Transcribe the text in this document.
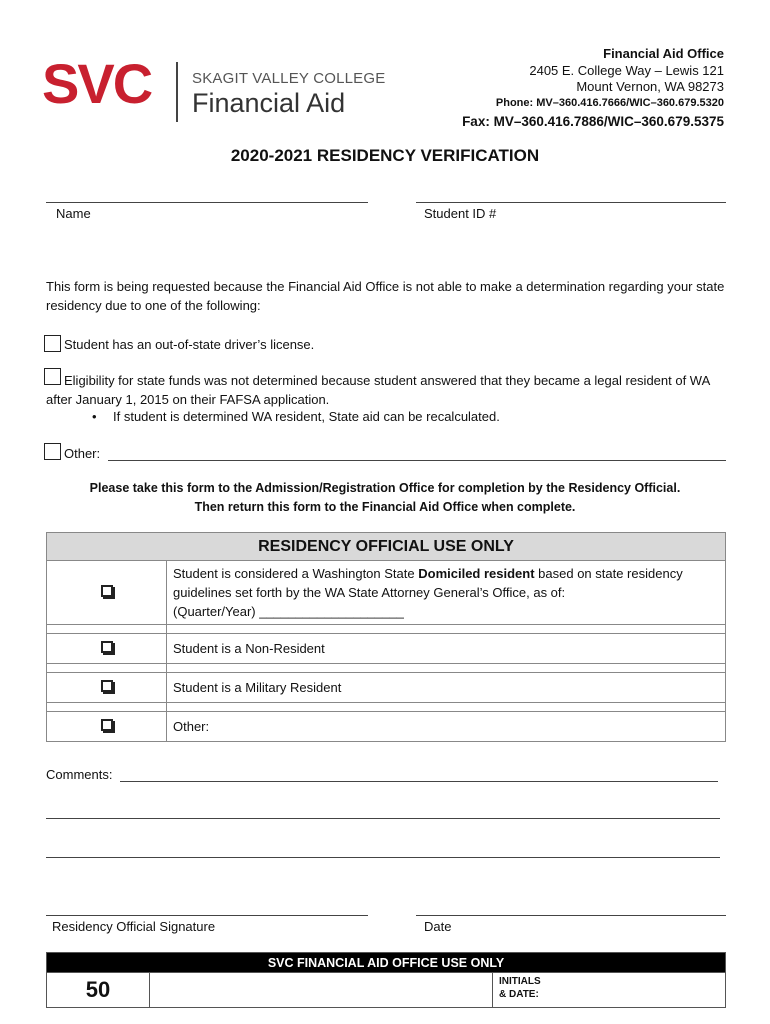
SVC	SKAGIT VALLEY COLLEGE
Financial Aid
Financial Aid Office
2405 E. College Way – Lewis 121
Mount Vernon, WA 98273
Phone: MV–360.416.7666/WIC–360.679.5320
Fax: MV–360.416.7886/WIC–360.679.5375
2020-2021 RESIDENCY VERIFICATION
Name	Student ID #
This form is being requested because the Financial Aid Office is not able to make a determination regarding your state residency due to one of the following:
Student has an out-of-state driver’s license.
Eligibility for state funds was not determined because student answered that they became a legal resident of WA after January 1, 2015 on their FAFSA application.
• If student is determined WA resident, State aid can be recalculated.
Other:
Please take this form to the Admission/Registration Office for completion by the Residency Official.
Then return this form to the Financial Aid Office when complete.
RESIDENCY OFFICIAL USE ONLY	
	Student is considered a Washington State Domiciled resident based on state residency guidelines set forth by the WA State Attorney General’s Office, as of:
(Quarter/Year) ____________________

	Student is a Non-Resident

	Student is a Military Resident

	Other:
Comments:
Residency Official Signature	Date
SVC FINANCIAL AID OFFICE USE ONLY
50		INITIALS
& DATE:
